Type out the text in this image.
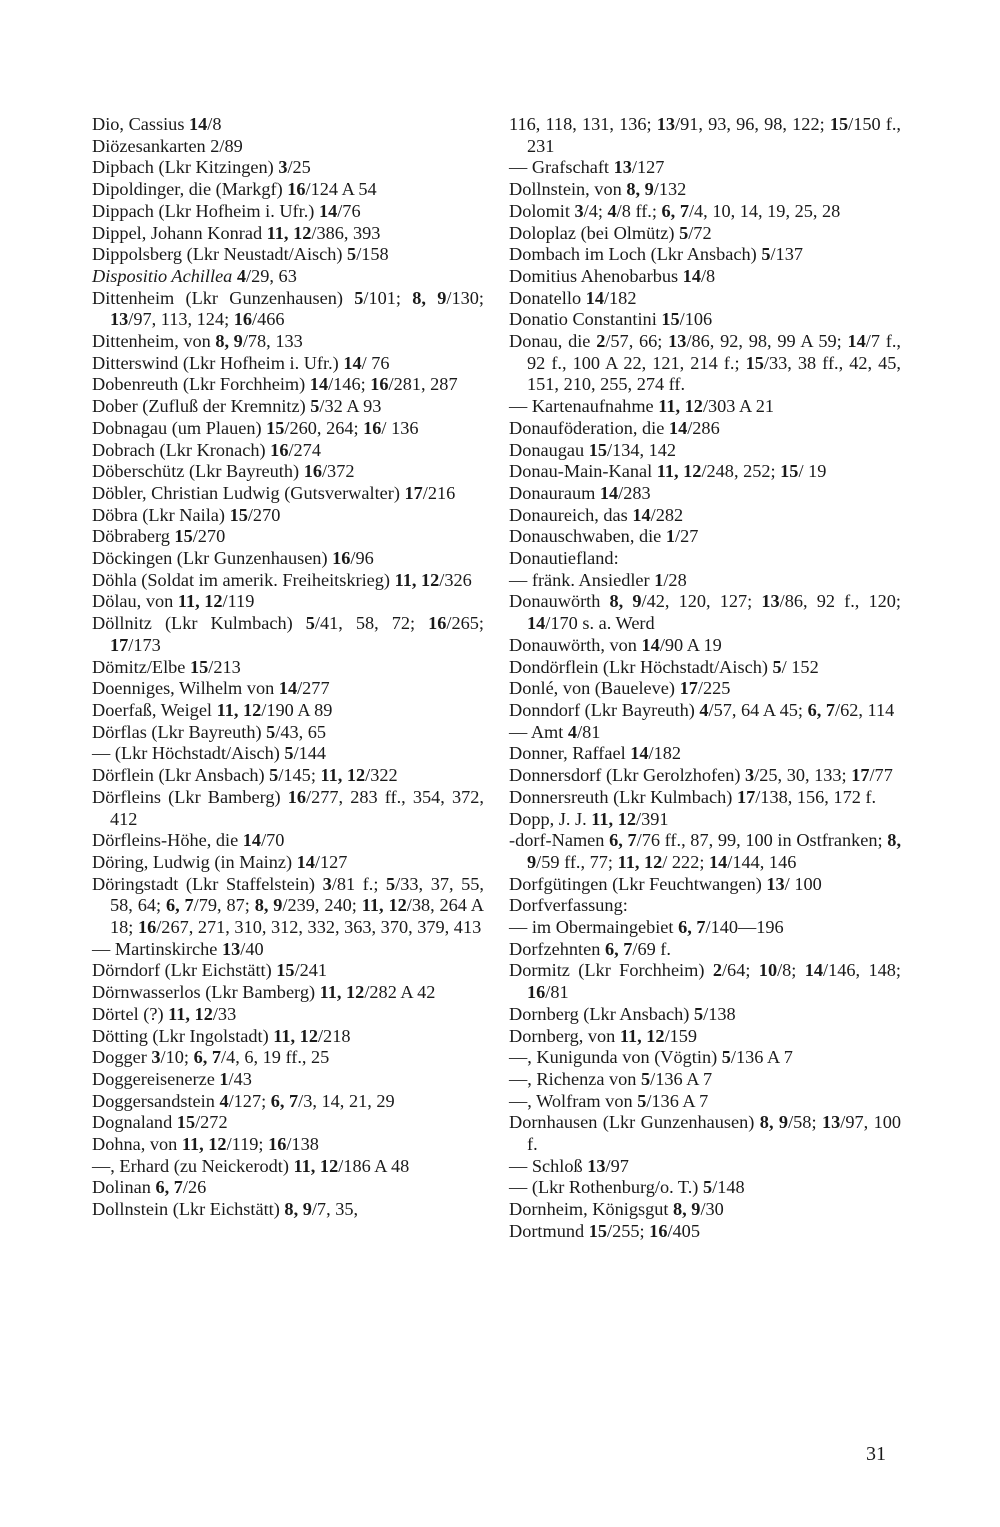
Dio, Cassius 14/8

Diözesankarten 2/89

Dipbach (Lkr Kitzingen) 3/25

Dipoldinger, die (Markgf) 16/124 A 54

Dippach (Lkr Hofheim i. Ufr.) 14/76

Dippel, Johann Konrad 11, 12/386, 393

Dippolsberg (Lkr Neustadt/Aisch) 5/158

Dispositio Achillea 4/29, 63

Dittenheim (Lkr Gunzenhausen) 5/101; 8, 9/130; 13/97, 113, 124; 16/466

Dittenheim, von 8, 9/78, 133

Ditterswind (Lkr Hofheim i. Ufr.) 14/ 76

Dobenreuth (Lkr Forchheim) 14/146; 16/281, 287

Dober (Zufluß der Kremnitz) 5/32 A 93

Dobnagau (um Plauen) 15/260, 264; 16/ 136

Dobrach (Lkr Kronach) 16/274

Döberschütz (Lkr Bayreuth) 16/372

Döbler, Christian Ludwig (Gutsverwalter) 17/216

Döbra (Lkr Naila) 15/270

Döbraberg 15/270

Döckingen (Lkr Gunzenhausen) 16/96

Döhla (Soldat im amerik. Freiheitskrieg) 11, 12/326

Dölau, von 11, 12/119

Döllnitz (Lkr Kulmbach) 5/41, 58, 72; 16/265; 17/173

Dömitz/Elbe 15/213

Doenniges, Wilhelm von 14/277

Doerfaß, Weigel 11, 12/190 A 89

Dörflas (Lkr Bayreuth) 5/43, 65

— (Lkr Höchstadt/Aisch) 5/144

Dörflein (Lkr Ansbach) 5/145; 11, 12/322

Dörfleins (Lkr Bamberg) 16/277, 283 ff., 354, 372, 412

Dörfleins-Höhe, die 14/70

Döring, Ludwig (in Mainz) 14/127

Döringstadt (Lkr Staffelstein) 3/81 f.; 5/33, 37, 55, 58, 64; 6, 7/79, 87; 8, 9/239, 240; 11, 12/38, 264 A 18; 16/267, 271, 310, 312, 332, 363, 370, 379, 413

— Martinskirche 13/40

Dörndorf (Lkr Eichstätt) 15/241

Dörnwasserlos (Lkr Bamberg) 11, 12/282 A 42

Dörtel (?) 11, 12/33

Dötting (Lkr Ingolstadt) 11, 12/218

Dogger 3/10; 6, 7/4, 6, 19 ff., 25

Doggereisenerze 1/43

Doggersandstein 4/127; 6, 7/3, 14, 21, 29

Dognaland 15/272

Dohna, von 11, 12/119; 16/138

—, Erhard (zu Neickerodt) 11, 12/186 A 48

Dolinan 6, 7/26

Dollnstein (Lkr Eichstätt) 8, 9/7, 35,

116, 118, 131, 136; 13/91, 93, 96, 98, 122; 15/150 f., 231

— Grafschaft 13/127

Dollnstein, von 8, 9/132

Dolomit 3/4; 4/8 ff.; 6, 7/4, 10, 14, 19, 25, 28

Doloplaz (bei Olmütz) 5/72

Dombach im Loch (Lkr Ansbach) 5/137

Domitius Ahenobarbus 14/8

Donatello 14/182

Donatio Constantini 15/106

Donau, die 2/57, 66; 13/86, 92, 98, 99 A 59; 14/7 f., 92 f., 100 A 22, 121, 214 f.; 15/33, 38 ff., 42, 45, 151, 210, 255, 274 ff.

— Kartenaufnahme 11, 12/303 A 21

Donauföderation, die 14/286

Donaugau 15/134, 142

Donau-Main-Kanal 11, 12/248, 252; 15/ 19

Donauraum 14/283

Donaureich, das 14/282

Donauschwaben, die 1/27

Donautiefland:

— fränk. Ansiedler 1/28

Donauwörth 8, 9/42, 120, 127; 13/86, 92 f., 120; 14/170 s. a. Werd

Donauwörth, von 14/90 A 19

Dondörflein (Lkr Höchstadt/Aisch) 5/ 152

Donlé, von (Baueleve) 17/225

Donndorf (Lkr Bayreuth) 4/57, 64 A 45; 6, 7/62, 114

— Amt 4/81

Donner, Raffael 14/182

Donnersdorf (Lkr Gerolzhofen) 3/25, 30, 133; 17/77

Donnersreuth (Lkr Kulmbach) 17/138, 156, 172 f.

Dopp, J. J. 11, 12/391

-dorf-Namen 6, 7/76 ff., 87, 99, 100 in Ostfranken; 8, 9/59 ff., 77; 11, 12/ 222; 14/144, 146

Dorfgütingen (Lkr Feuchtwangen) 13/ 100

Dorfverfassung:

— im Obermaingebiet 6, 7/140—196

Dorfzehnten 6, 7/69 f.

Dormitz (Lkr Forchheim) 2/64; 10/8; 14/146, 148; 16/81

Dornberg (Lkr Ansbach) 5/138

Dornberg, von 11, 12/159

—, Kunigunda von (Vögtin) 5/136 A 7

—, Richenza von 5/136 A 7

—, Wolfram von 5/136 A 7

Dornhausen (Lkr Gunzenhausen) 8, 9/58; 13/97, 100 f.

— Schloß 13/97

— (Lkr Rothenburg/o. T.) 5/148

Dornheim, Königsgut 8, 9/30

Dortmund 15/255; 16/405

31
